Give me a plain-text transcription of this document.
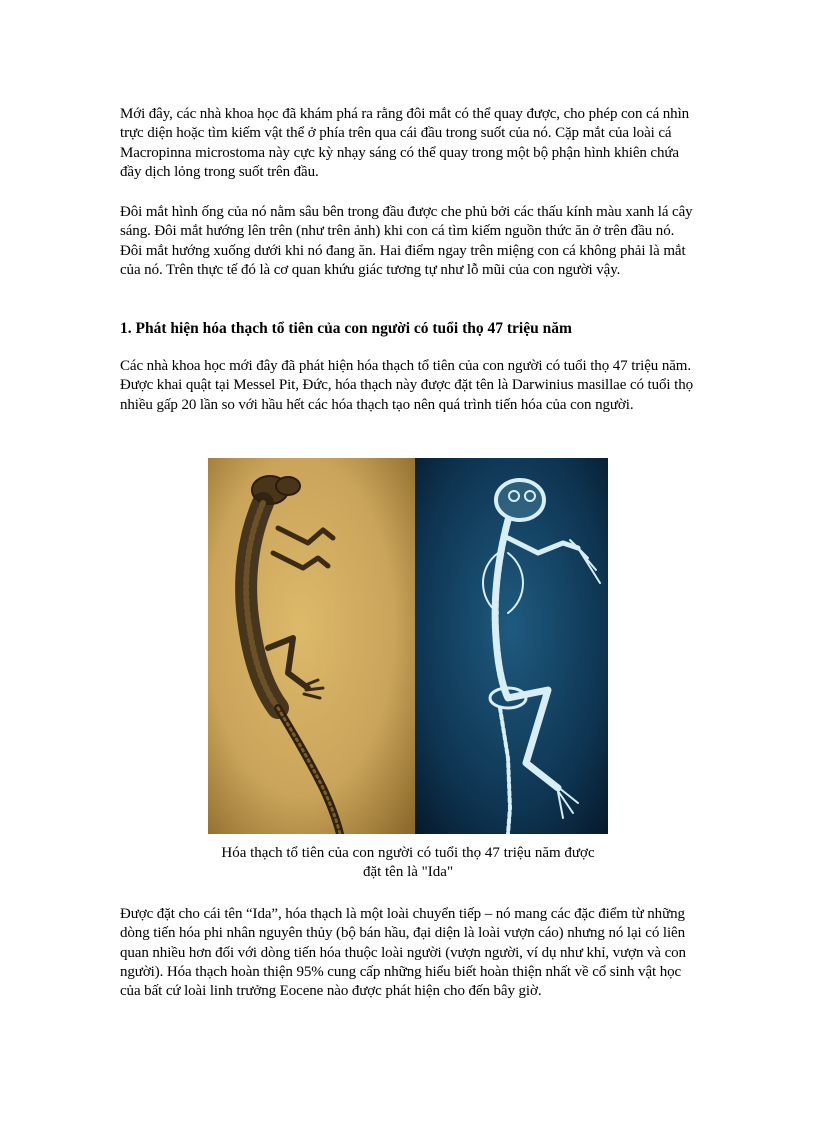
Mới đây, các nhà khoa học đã khám phá ra rằng đôi mắt có thể quay được, cho phép con cá nhìn trực diện hoặc tìm kiếm vật thể ở phía trên qua cái đầu trong suốt của nó. Cặp mắt của loài cá Macropinna microstoma này cực kỳ nhạy sáng có thể quay trong một bộ phận hình khiên chứa đầy dịch lỏng trong suốt trên đầu.

Đôi mắt hình ống của nó nằm sâu bên trong đầu được che phủ bởi các thấu kính màu xanh lá cây sáng. Đôi mắt hướng lên trên (như trên ảnh) khi con cá tìm kiếm nguồn thức ăn ở trên đầu nó. Đôi mắt hướng xuống dưới khi nó đang ăn. Hai điểm ngay trên miệng con cá không phải là mắt của nó. Trên thực tế đó là cơ quan khứu giác tương tự như lỗ mũi của con người vậy.

1. Phát hiện hóa thạch tổ tiên của con người có tuổi thọ 47 triệu năm

Các nhà khoa học mới đây đã phát hiện hóa thạch tổ tiên của con người có tuổi thọ 47 triệu năm. Được khai quật tại Messel Pit, Đức, hóa thạch này được đặt tên là Darwinius masillae có tuổi thọ nhiều gấp 20 lần so với hầu hết các hóa thạch tạo nên quá trình tiến hóa của con người.

Hóa thạch tổ tiên của con người có tuổi thọ 47 triệu năm được
đặt tên là "Ida"

Được đặt cho cái tên “Ida”, hóa thạch là một loài chuyển tiếp – nó mang các đặc điểm từ những dòng tiến hóa phi nhân nguyên thủy (bộ bán hầu, đại diện là loài vượn cáo) nhưng nó lại có liên quan nhiều hơn đối với dòng tiến hóa thuộc loài người (vượn người, ví dụ như khỉ, vượn và con người). Hóa thạch hoàn thiện 95% cung cấp những hiểu biết hoàn thiện nhất về cổ sinh vật học của bất cứ loài linh trưởng Eocene nào được phát hiện cho đến bây giờ.
